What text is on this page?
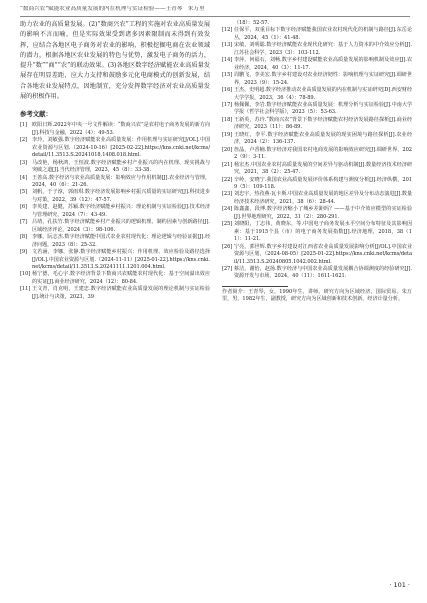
“数商兴农”赋能农业高质量发展的内在机理与实证检验——王青琴　朱万里

助力农业的高质量发展。(2)“数商兴农”工程的实施对农业高质量发展的影响不言而喻，但是实际效果受到诸多因素限制而未得到有效发挥，应结合各地区电子商务对农业的影响，积极挖掘电商在农业领域的潜力，根据各地区农业发展的特色与优势，激发电子商务的活力，提升“数”“商”“农”的联动效果。(3)各地区数字经济赋能农业高质量发展存在明显差距，应大力支持和鼓励多元化电商模式的创新发展，结合各地农业发展特点，因地制宜，充分发挥数字经济对农业高质量发展的积极作用。

参考文献：
[1] 欧阳日辉.2022年中央一号文件解读：“数商兴农”是农村电子商务发展的新方向[J].科技与金融，2022（4）：49-53.
[2] 李玲，刘敏强.数字经济赋能农业高质量发展：作用机理与实证研究[J/OL].中国农业资源与区划.（2024-10-16）[2025-02-22].https://kns.cnki.net/kcms/detail/11.3513.S.20241018.1408.018.html.
[3] 马改艳，杨秋鸿，王恒波.数字经济赋能乡村产业振兴的内在机理、现实挑战与突破之道[J].当代经济管理，2023，45（8）：33-38.
[4] 王善高.数字经济与农业高质量发展：影响效应与作用机制[J].农业经济与管理，2024，40（6）：21-26.
[5] 刘帆，于子淳，郭雨琪.数字经济发展影响乡村振兴质量的实证研究[J].科技进步与对策，2022，39（12）：47-57.
[6] 李英建，赵健，苏颖.数字经济赋能乡村振兴：理论机制与实证检验[J].技术经济与管理研究，2024（7）：43-49.
[7] 吕靖，孔扶竹.数字经济赋能乡村产业振兴的逻辑机理、制约因素与创新路径[J].区域经济评论，2024（3）：98-106.
[8] 李娜，阮志杰.数字经济赋能中国式农业农村现代化：理论逻辑与经验证据[J].经济问题，2023（8）：25-32.
[9] 文若涵，李娜，张静.数字经济赋能乡村振兴：作用机理、效应检验及路径选择[J/OL].中国农业资源与区划.（2024-11-11）[2025-01-22].https://kns.cnki.net/kcms/detail/11.3513.S.20241111.1201.004.html.
[10] 杨宁德，毛心宇.数字经济背景下数商兴农赋能农村现代化：基于空间溢出效应的实证[J].商业经济研究，2024（12）：80-84.
[11] 王文青，肖克明，王建忠.数字经济赋能农业高质量发展的理论机制与实证检验[J].统计与决策，2023，39
（18）：52-57.
[12] 任保平，双重目标下数字经济赋能我国农业农村现代化的机制与路径[J].东岳论丛，2024，45（1）：41-48.
[13] 宋敏，刘明聪.数字经济赋能农业现代化研究：基于人力资本的中介效应分析[J].江苏社会科学，2023（3）：103-112.
[14] 李萍，何福石，刘畅.数字乡村建设赋能农业高质量发展的影响机制及效应[J].农业经济，2024，40（3）：11-17.
[15] 周鹏飞，李美宏.数字乡村建设对农业经济韧性：影响机理与实证研究[J].调研世界，2023（9）：15-24.
[16] 王杰，史明超.数字经济推动农业高质量发展的内在机制与实证研究[D].西安财经大学学报，2023，36（4）：78-89.
[17] 杨佩佩，李岩.数字经济赋能农业高质量发展：机理分析与实证检验[J].中南大学学报（哲学社会科学版），2023（5）：53-63.
[18] 王新英，苏玲.“数商兴农”背景下数字经济赋能农村经济发展路径探析[J].商业经济研究，2023（11）：86-89.
[19] 王晓红，李平.数字经济赋能农业高质量发展的现实困境与路径探析[J].农业经济，2024（2）：136-137.
[20] 詹晶，卢香楠.数字经济对我国农村电商发展的影响效应研究[J].调研世界，2022（9）：3-11.
[21] 杨宏杰.中国农业农村高质量发展的空间差异与驱动机制[J].数量经济技术经济研究，2021，38（2）：25-47.
[22] 辛岭，安晓宁.我国农业高质量发展评价体系构建与测度分析[J].经济纵横，2019（5）：109-118.
[23] 刘忠宇，热孜燕·瓦卡斯.中国农业高质量发展的地区差异及分布动态演进[J].数量经济技术经济研究，2021，38（6）：28-44.
[24] 陈鑫鑫，段博.数字经济缩小了城乡差距吗？——基于中介效应模型的实证检验[J].世界地理研究，2022，31（2）：280-291.
[25] 刘晓阳，丁志伟，黄晓东，等.中国电子商务发展水平空间分布特征及其影响因素：基于1915个县（市）的电子商务发展指数[J].经济地理，2018，38（11）：11-21.
[26] 宁亮，郭世辉.数字乡村建设对江西省农业高质量发展影响分析[J/OL].中国农业资源与区划，（2024-08-05）[2025-01-22].https://kns.cnki.net/kcms/detail/11.3513.S.20240805.1042.002.html.
[27] 蔡洁，谢怡，赵扬.数字经济与中国农业高质量发展耦合协调测度的经验研究[J].资源开发与市场，2024，40（11）：1611-1621.

作者简介：王青琴，女，1990年生，讲师，研究方向为区域经济、国际贸易。朱万里，男，1982年生，副教授，研究方向为区域创新和技术创新、经济计量分析。

· 101 ·
